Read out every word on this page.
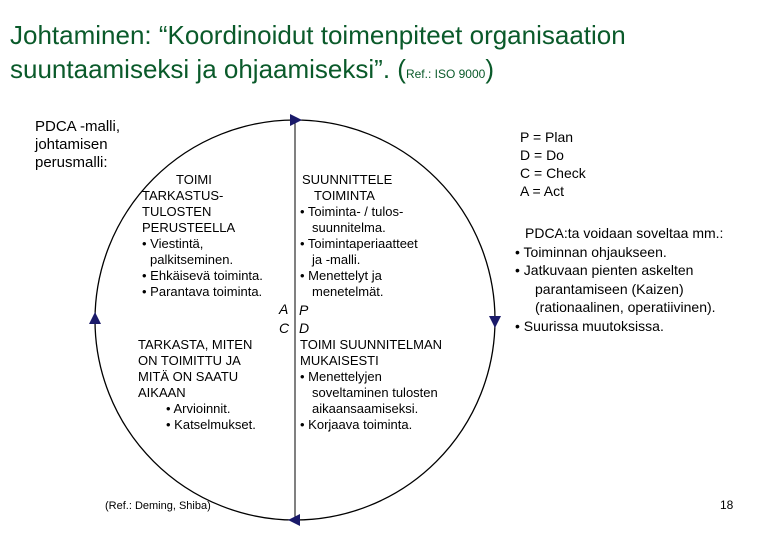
Johtaminen: “Koordinoidut toimenpiteet organisaation
suuntaamiseksi ja ohjaamiseksi”. (Ref.: ISO 9000)
PDCA -malli,
johtamisen
perusmalli:
TOIMI
TARKASTUS-
TULOSTEN
PERUSTEELLA
• Viestintä,
palkitseminen.
• Ehkäisevä toiminta.
• Parantava toiminta.
SUUNNITTELE
TOIMINTA
• Toiminta- / tulos-
suunnitelma.
• Toimintaperiaatteet
ja -malli.
• Menettelyt ja
menetelmät.
A P
C D
TARKASTA, MITEN
ON TOIMITTU JA
MITÄ ON SAATU
AIKAAN
• Arvioinnit.
• Katselmukset.
TOIMI SUUNNITELMAN
MUKAISESTI
• Menettelyjen
soveltaminen tulosten
aikaansaamiseksi.
• Korjaava toiminta.
P = Plan
D = Do
C = Check
A = Act
PDCA:ta voidaan soveltaa mm.:
• Toiminnan ohjaukseen.
• Jatkuvaan pienten askelten
parantamiseen (Kaizen)
(rationaalinen, operatiivinen).
• Suurissa muutoksissa.
(Ref.: Deming, Shiba)	18
